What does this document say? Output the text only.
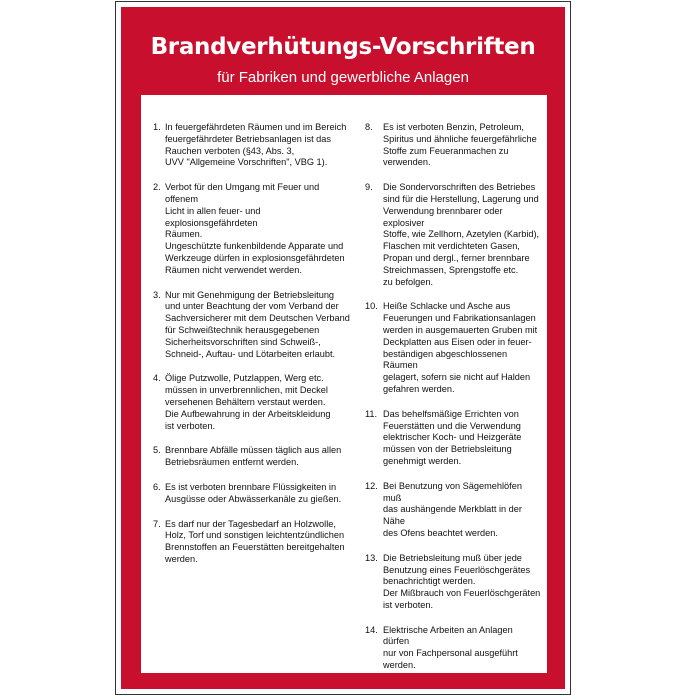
Brandverhütungs-Vorschriften
für Fabriken und gewerbliche Anlagen
1. In feuergefährdeten Räumen und im Bereich
feuergefährdeter Betriebsanlagen ist das
Rauchen verboten (§43, Abs. 3,
UVV "Allgemeine Vorschriften", VBG 1).
2. Verbot für den Umgang mit Feuer und offenem
Licht in allen feuer- und explosionsgefährdeten
Räumen.
Ungeschützte funkenbildende Apparate und
Werkzeuge dürfen in explosionsgefährdeten
Räumen nicht verwendet werden.
3. Nur mit Genehmigung der Betriebsleitung
und unter Beachtung der vom Verband der
Sachversicherer mit dem Deutschen Verband
für Schweißtechnik herausgegebenen
Sicherheitsvorschriften sind Schweiß-,
Schneid-, Auftau- und Lötarbeiten erlaubt.
4. Ölige Putzwolle, Putzlappen, Werg etc.
müssen in unverbrennlichen, mit Deckel
versehenen Behältern verstaut werden.
Die Aufbewahrung in der Arbeitskleidung
ist verboten.
5. Brennbare Abfälle müssen täglich aus allen
Betriebsräumen entfernt werden.
6. Es ist verboten brennbare Flüssigkeiten in
Ausgüsse oder Abwässerkanäle zu gießen.
7. Es darf nur der Tagesbedarf an Holzwolle,
Holz, Torf und sonstigen leichtentzündlichen
Brennstoffen an Feuerstätten bereitgehalten
werden.
8.	Es ist verboten Benzin, Petroleum,
Spiritus und ähnliche feuergefährliche
Stoffe zum Feueranmachen zu
verwenden.
9.	Die Sondervorschriften des Betriebes
sind für die Herstellung, Lagerung und
Verwendung brennbarer oder explosiver
Stoffe, wie Zellhorn, Azetylen (Karbid),
Flaschen mit verdichteten Gasen,
Propan und dergl., ferner brennbare
Streichmassen, Sprengstoffe etc.
zu befolgen.
10. Heiße Schlacke und Asche aus
Feuerungen und Fabrikationsanlagen
werden in ausgemauerten Gruben mit
Deckplatten aus Eisen oder in feuer-
beständigen abgeschlossenen Räumen
gelagert, sofern sie nicht auf Halden
gefahren werden.
11. Das behelfsmäßige Errichten von
Feuerstätten und die Verwendung
elektrischer Koch- und Heizgeräte
müssen von der Betriebsleitung
genehmigt werden.
12. Bei Benutzung von Sägemehlöfen muß
das aushängende Merkblatt in der Nähe
des Ofens beachtet werden.
13. Die Betriebsleitung muß über jede
Benutzung eines Feuerlöschgerätes
benachrichtigt werden.
Der Mißbrauch von Feuerlöschgeräten
ist verboten.
14. Elektrische Arbeiten an Anlagen dürfen
nur von Fachpersonal ausgeführt
werden.
